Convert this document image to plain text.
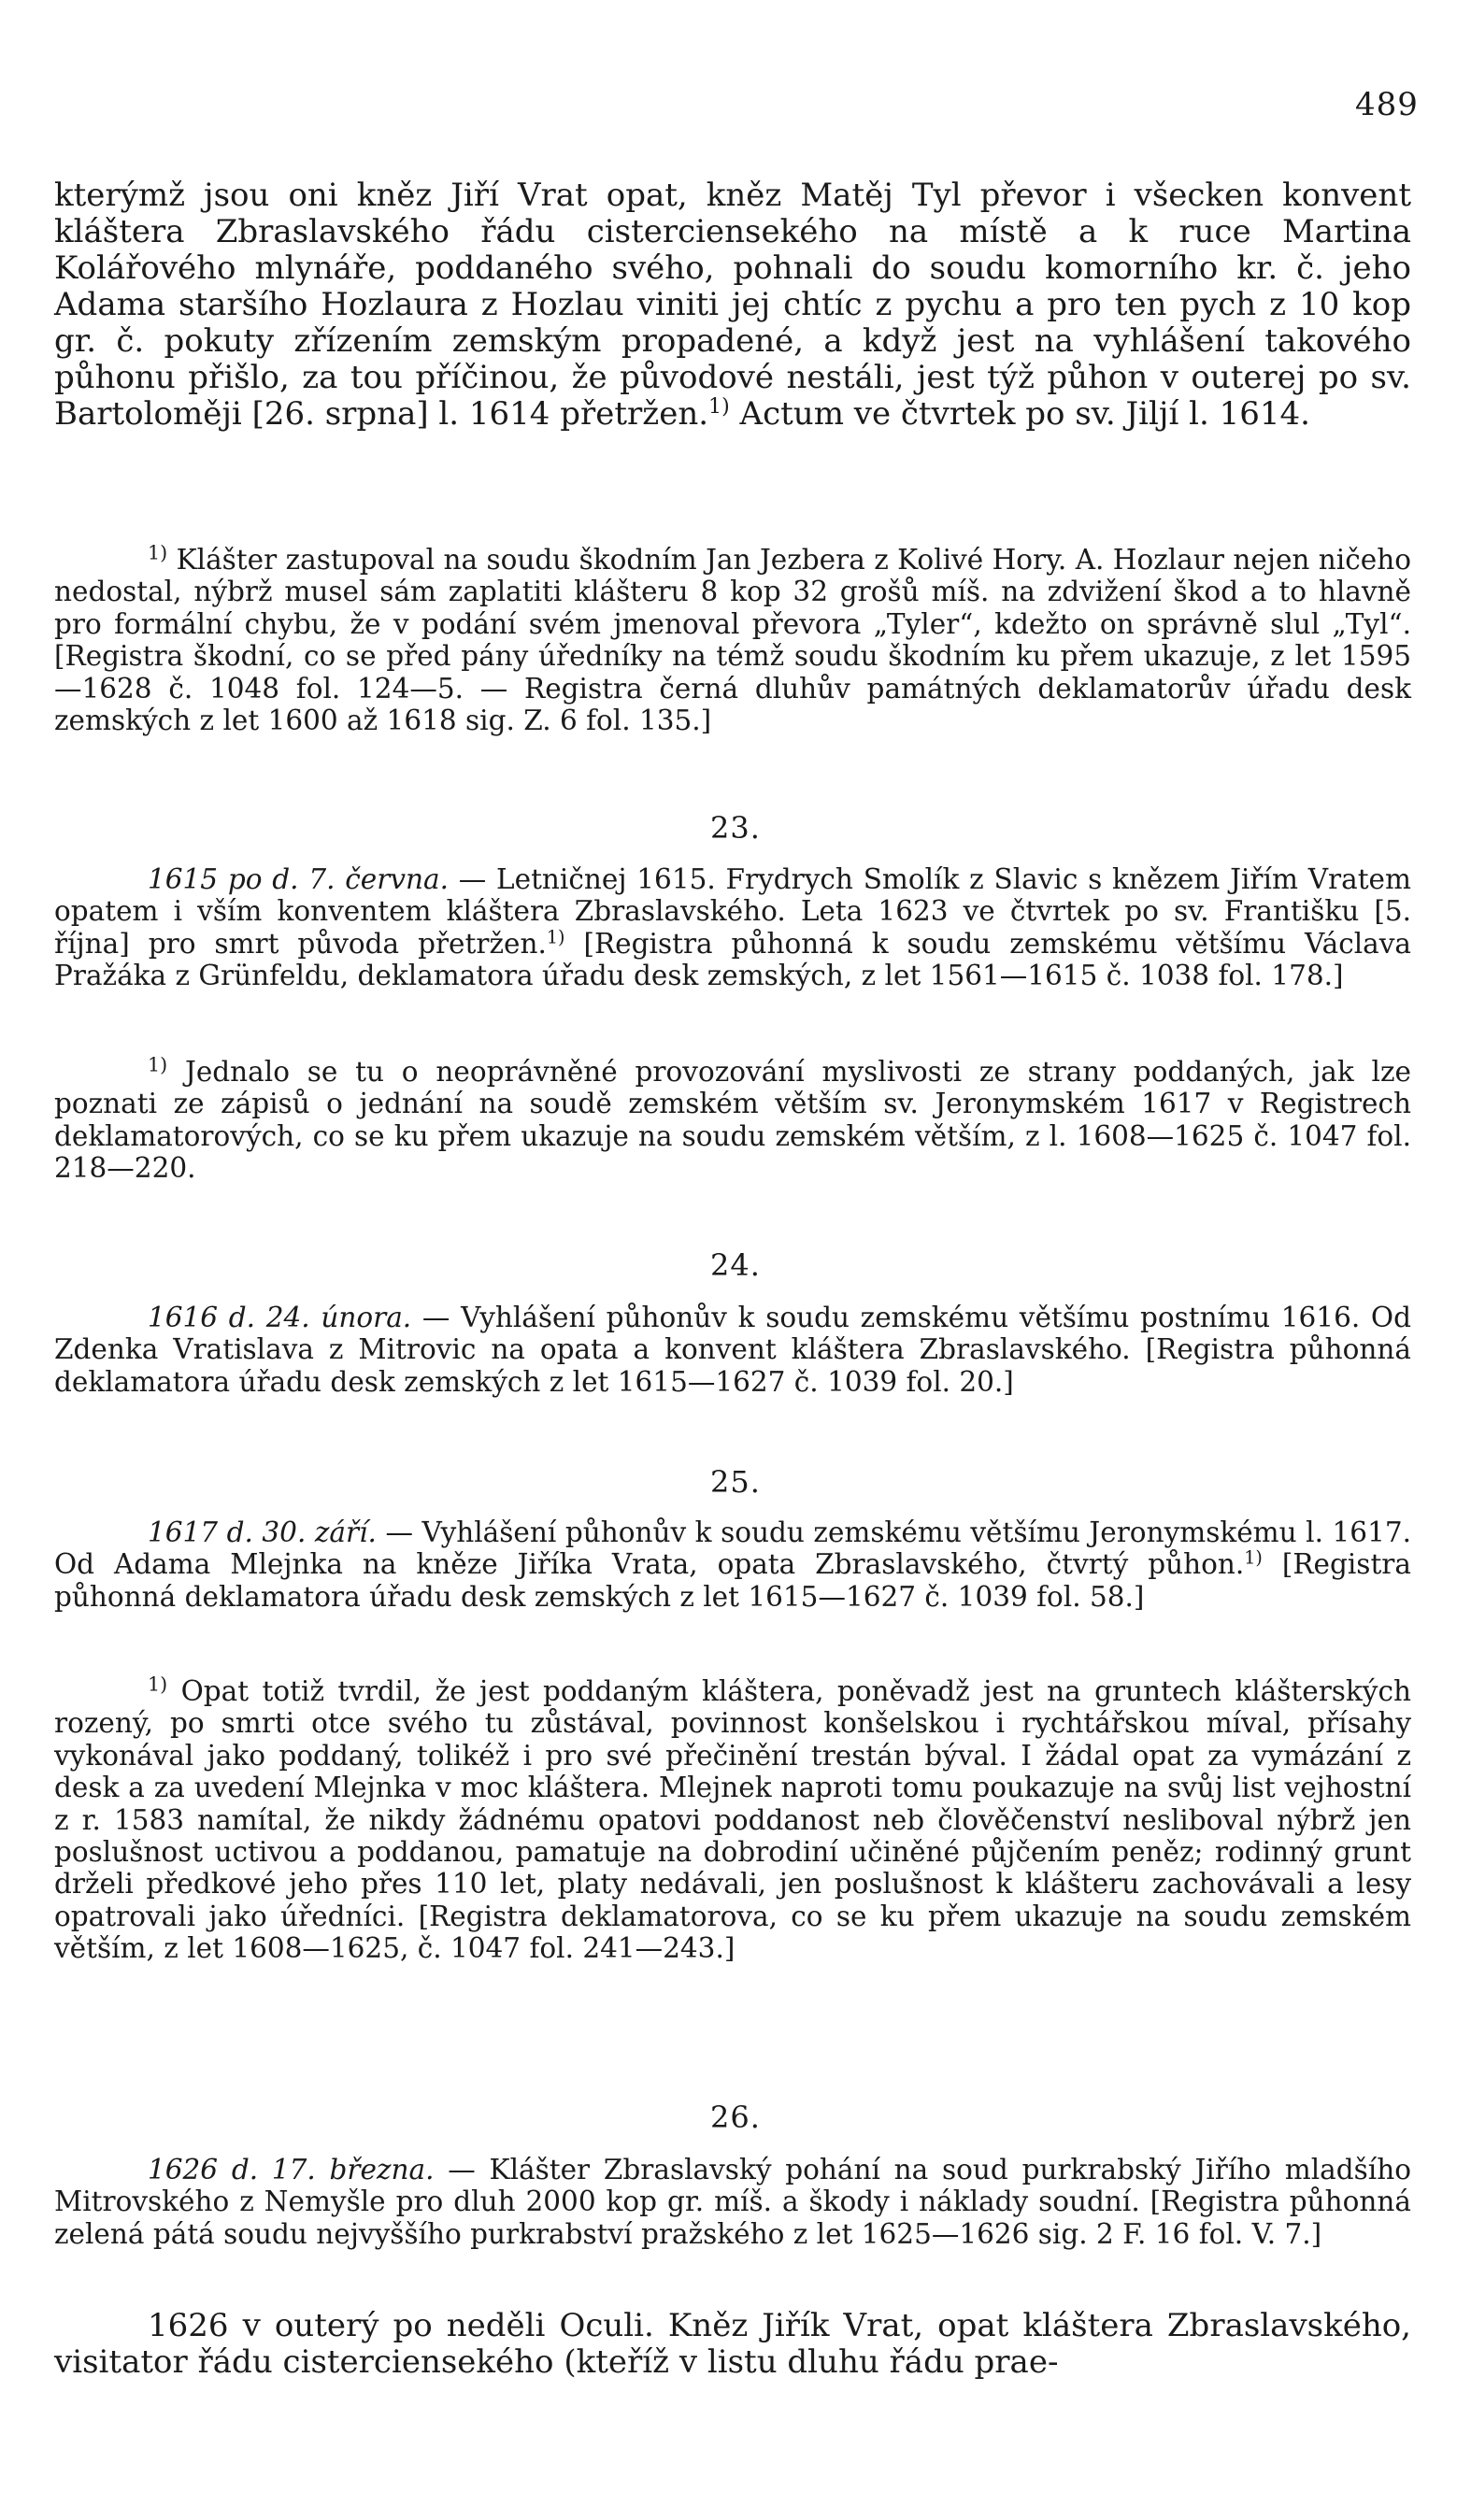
489

kterýmž jsou oni kněz Jiří Vrat opat, kněz Matěj Tyl převor i všecken konvent kláštera Zbraslavského řádu cisterciensekého na místě a k ruce Martina Kolářového mlynáře, poddaného svého, pohnali do soudu komorního kr. č. jeho Adama staršího Hozlaura z Hozlau viniti jej chtíc z pychu a pro ten pych z 10 kop gr. č. pokuty zřízením zemským propadené, a když jest na vyhlášení takového půhonu přišlo, za tou příčinou, že původové nestáli, jest týž půhon v outerej po sv. Bartoloměji [26. srpna] l. 1614 přetržen.$^{1)}$ Actum ve čtvrtek po sv. Jiljí l. 1614.

$^{1)}$ Klášter zastupoval na soudu škodním Jan Jezbera z Kolivé Hory. A. Hozlaur nejen ničeho nedostal, nýbrž musel sám zaplatiti klášteru 8 kop 32 grošů míš. na zdvižení škod a to hlavně pro formální chybu, že v podání svém jmenoval převora „Tyler“, kdežto on správně slul „Tyl“. [Registra škodní, co se před pány úředníky na témž soudu škodním ku přem ukazuje, z let 1595—1628 č. 1048 fol. 124—5. — Registra černá dluhův památných deklamatorův úřadu desk zemských z let 1600 až 1618 sig. Z. 6 fol. 135.]

23.

1615 po d. 7. června. — Letničnej 1615. Frydrych Smolík z Slavic s knězem Jiřím Vratem opatem i vším konventem kláštera Zbraslavského. Leta 1623 ve čtvrtek po sv. Františku [5. října] pro smrt původa přetržen.$^{1)}$ [Registra půhonná k soudu zemskému většímu Václava Pražáka z Grünfeldu, deklamatora úřadu desk zemských, z let 1561—1615 č. 1038 fol. 178.]

$^{1)}$ Jednalo se tu o neoprávněné provozování myslivosti ze strany poddaných, jak lze poznati ze zápisů o jednání na soudě zemském větším sv. Jeronymském 1617 v Registrech deklamatorových, co se ku přem ukazuje na soudu zemském větším, z l. 1608—1625 č. 1047 fol. 218—220.

24.

1616 d. 24. února. — Vyhlášení půhonův k soudu zemskému většímu postnímu 1616. Od Zdenka Vratislava z Mitrovic na opata a konvent kláštera Zbraslavského. [Registra půhonná deklamatora úřadu desk zemských z let 1615—1627 č. 1039 fol. 20.]

25.

1617 d. 30. září. — Vyhlášení půhonův k soudu zemskému většímu Jeronymskému l. 1617. Od Adama Mlejnka na kněze Jiříka Vrata, opata Zbraslavského, čtvrtý půhon.$^{1)}$ [Registra půhonná deklamatora úřadu desk zemských z let 1615—1627 č. 1039 fol. 58.]

$^{1)}$ Opat totiž tvrdil, že jest poddaným kláštera, poněvadž jest na gruntech klášterských rozený, po smrti otce svého tu zůstával, povinnost konšelskou i rychtářskou míval, přísahy vykonával jako poddaný, tolikéž i pro své přečinění trestán býval. I žádal opat za vymázání z desk a za uvedení Mlejnka v moc kláštera. Mlejnek naproti tomu poukazuje na svůj list vejhostní z r. 1583 namítal, že nikdy žádnému opatovi poddanost neb člověčenství nesliboval nýbrž jen poslušnost uctivou a poddanou, pamatuje na dobrodiní učiněné půjčením peněz; rodinný grunt drželi předkové jeho přes 110 let, platy nedávali, jen poslušnost k klášteru zachovávali a lesy opatrovali jako úředníci. [Registra deklamatorova, co se ku přem ukazuje na soudu zemském větším, z let 1608—1625, č. 1047 fol. 241—243.]

26.

1626 d. 17. března. — Klášter Zbraslavský pohání na soud purkrabský Jiřího mladšího Mitrovského z Nemyšle pro dluh 2000 kop gr. míš. a škody i náklady soudní. [Registra půhonná zelená pátá soudu nejvyššího purkrabství pražského z let 1625—1626 sig. 2 F. 16 fol. V. 7.]

1626 v outerý po neděli Oculi. Kněz Jiřík Vrat, opat kláštera Zbraslavského, visitator řádu cisterciensekého (kteříž v listu dluhu řádu prae-
